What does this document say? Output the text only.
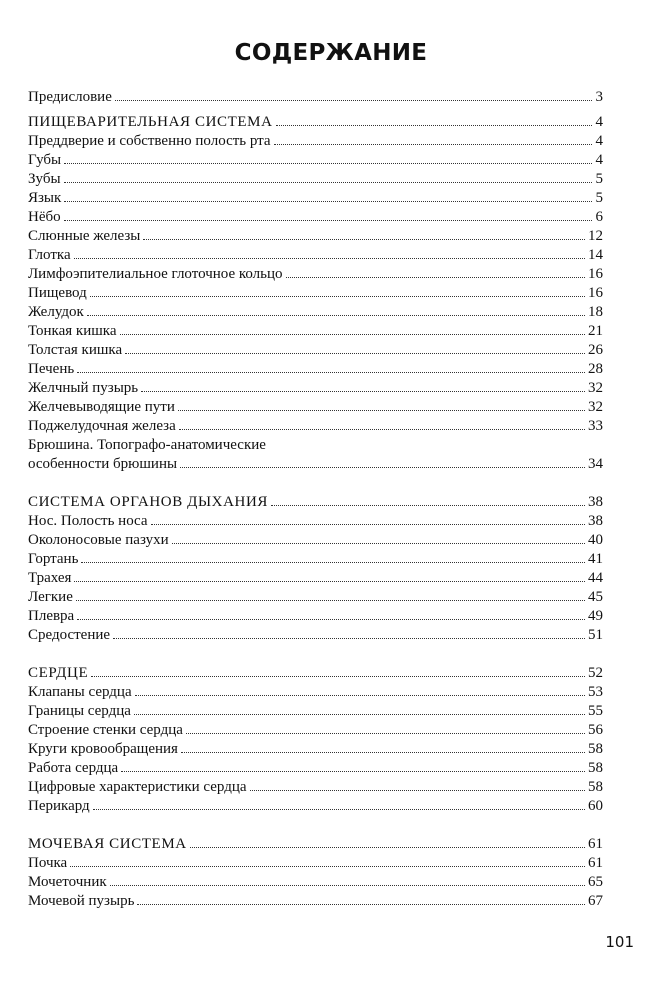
СОДЕРЖАНИЕ
Предисловие	3
ПИЩЕВАРИТЕЛЬНАЯ СИСТЕМА	4
Преддверие и собственно полость рта	4
Губы	4
Зубы	5
Язык	5
Нёбо	6
Слюнные железы	12
Глотка	14
Лимфоэпителиальное глоточное кольцо	16
Пищевод	16
Желудок	18
Тонкая кишка	21
Толстая кишка	26
Печень	28
Желчный пузырь	32
Желчевыводящие пути	32
Поджелудочная железа	33
Брюшина. Топографо-анатомические
особенности брюшины	34
СИСТЕМА ОРГАНОВ ДЫХАНИЯ	38
Нос. Полость носа	38
Околоносовые пазухи	40
Гортань	41
Трахея	44
Легкие	45
Плевра	49
Средостение	51
СЕРДЦЕ	52
Клапаны сердца	53
Границы сердца	55
Строение стенки сердца	56
Круги кровообращения	58
Работа сердца	58
Цифровые характеристики сердца	58
Перикард	60
МОЧЕВАЯ СИСТЕМА	61
Почка	61
Мочеточник	65
Мочевой пузырь	67
101
